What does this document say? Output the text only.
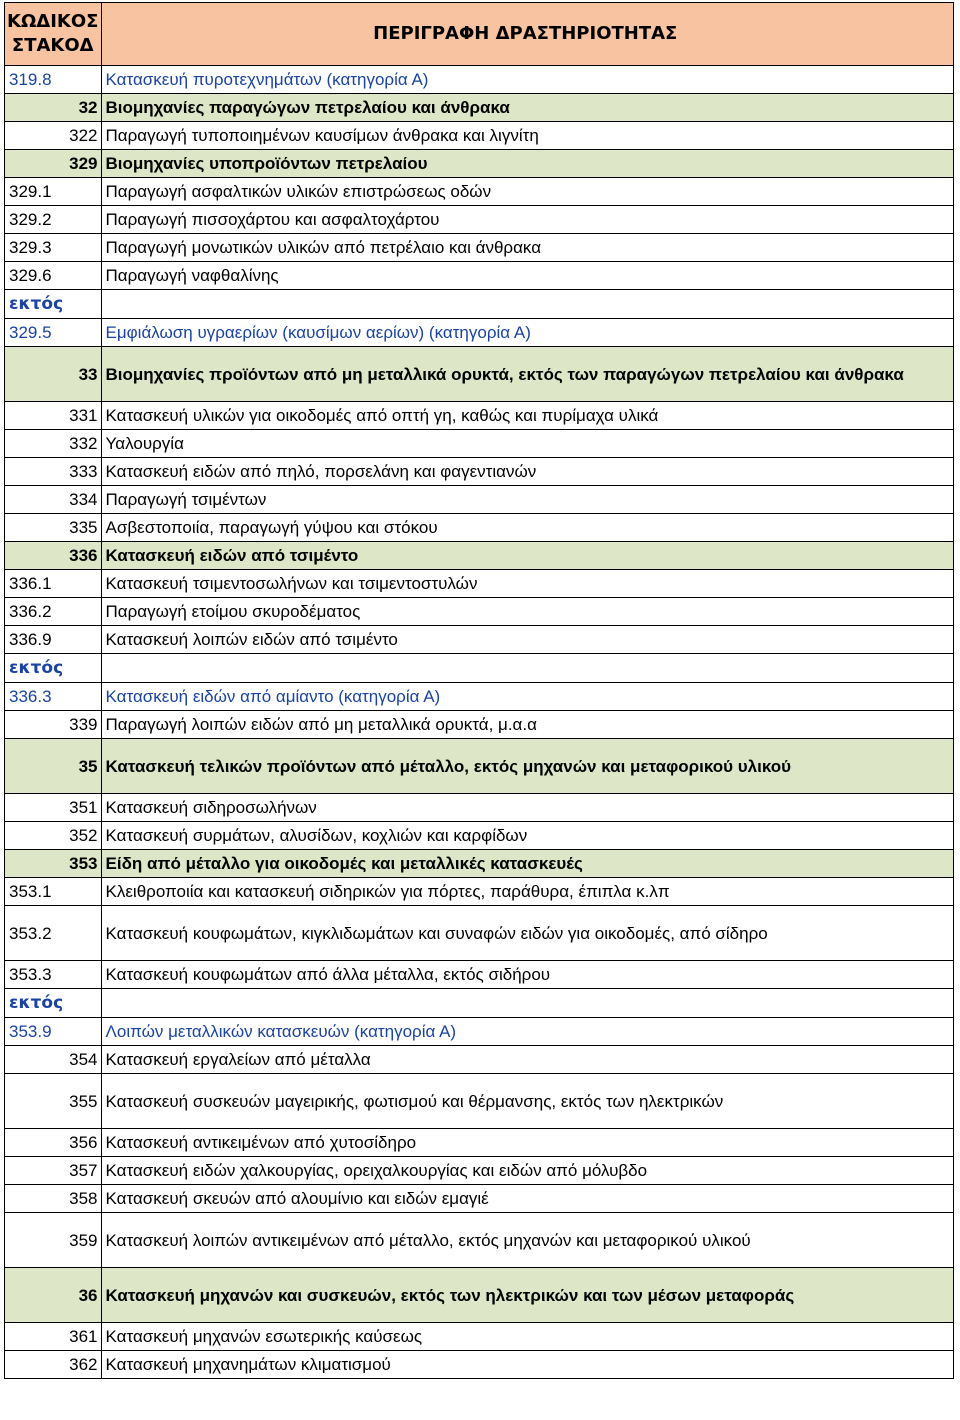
ΚΩΔΙΚΟΣ ΣΤΑΚΟΔ	ΠΕΡΙΓΡΑΦΗ ΔΡΑΣΤΗΡΙΟΤΗΤΑΣ
319.8	Κατασκευή πυροτεχνημάτων (κατηγορία Α)
32	Βιομηχανίες παραγώγων πετρελαίου και άνθρακα
322	Παραγωγή τυποποιημένων καυσίμων άνθρακα και λιγνίτη
329	Βιομηχανίες υποπροϊόντων πετρελαίου
329.1	Παραγωγή ασφαλτικών υλικών επιστρώσεως οδών
329.2	Παραγωγή πισσοχάρτου και ασφαλτοχάρτου
329.3	Παραγωγή μονωτικών υλικών από πετρέλαιο και άνθρακα
329.6	Παραγωγή ναφθαλίνης
εκτός	
329.5	Εμφιάλωση υγραερίων (καυσίμων αερίων) (κατηγορία Α)
33	Βιομηχανίες προϊόντων από μη μεταλλικά ορυκτά, εκτός των παραγώγων πετρελαίου και άνθρακα
331	Κατασκευή υλικών για οικοδομές από οπτή γη, καθώς και πυρίμαχα υλικά
332	Υαλουργία
333	Κατασκευή ειδών από πηλό, πορσελάνη και φαγεντιανών
334	Παραγωγή τσιμέντων
335	Ασβεστοποιία, παραγωγή γύψου και στόκου
336	Κατασκευή ειδών από τσιμέντο
336.1	Κατασκευή τσιμεντοσωλήνων και τσιμεντοστυλών
336.2	Παραγωγή ετοίμου σκυροδέματος
336.9	Κατασκευή λοιπών ειδών από τσιμέντο
εκτός	
336.3	Κατασκευή ειδών από αμίαντο (κατηγορία Α)
339	Παραγωγή λοιπών ειδών από μη μεταλλικά ορυκτά, μ.α.α
35	Κατασκευή τελικών προϊόντων από μέταλλο, εκτός μηχανών και μεταφορικού υλικού
351	Κατασκευή σιδηροσωλήνων
352	Κατασκευή συρμάτων, αλυσίδων, κοχλιών και καρφίδων
353	Είδη από μέταλλο για οικοδομές και μεταλλικές κατασκευές
353.1	Κλειθροποιία και κατασκευή σιδηρικών για πόρτες, παράθυρα, έπιπλα κ.λπ
353.2	Κατασκευή κουφωμάτων, κιγκλιδωμάτων και συναφών ειδών για οικοδομές, από σίδηρο
353.3	Κατασκευή κουφωμάτων από άλλα μέταλλα, εκτός σιδήρου
εκτός	
353.9	Λοιπών μεταλλικών κατασκευών (κατηγορία Α)
354	Κατασκευή εργαλείων από μέταλλα
355	Κατασκευή συσκευών μαγειρικής, φωτισμού και θέρμανσης, εκτός των ηλεκτρικών
356	Κατασκευή αντικειμένων από χυτοσίδηρο
357	Κατασκευή ειδών χαλκουργίας, ορειχαλκουργίας και ειδών από μόλυβδο
358	Κατασκευή σκευών από αλουμίνιο και ειδών εμαγιέ
359	Κατασκευή λοιπών αντικειμένων από μέταλλο, εκτός μηχανών και μεταφορικού υλικού
36	Κατασκευή μηχανών και συσκευών, εκτός των ηλεκτρικών και των μέσων μεταφοράς
361	Κατασκευή μηχανών εσωτερικής καύσεως
362	Κατασκευή μηχανημάτων κλιματισμού
